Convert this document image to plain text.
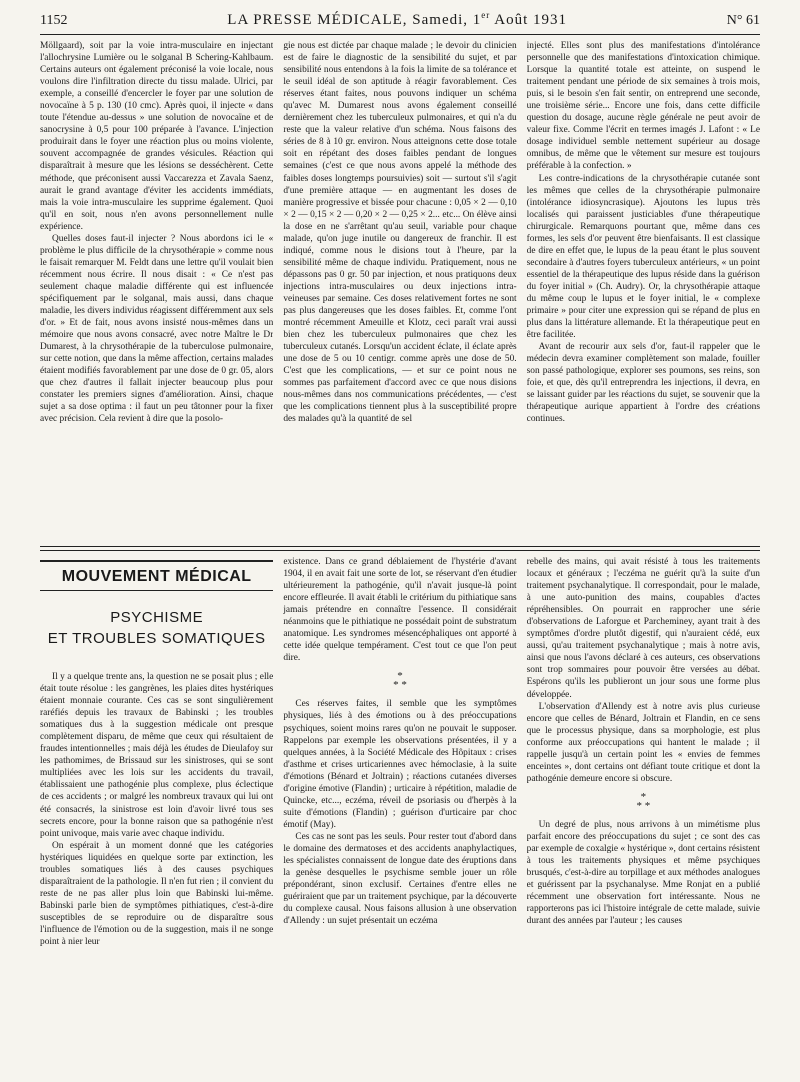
1152	LA PRESSE MÉDICALE, Samedi, 1er Août 1931	N° 61

Möllgaard), soit par la voie intra-musculaire en injectant l'allochrysine Lumière ou le solganal B Schering-Kahlbaum. Certains auteurs ont également préconisé la voie locale, nous voulons dire l'infiltration directe du tissu malade. Ulrici, par exemple, a conseillé d'encercler le foyer par une solution de novocaïne à 5 p. 130 (10 cmc). Après quoi, il injecte « dans toute l'étendue au-dessus » une solution de novocaïne et de sanocrysine à 0,5 pour 100 préparée à l'avance. L'injection produirait dans le foyer une réaction plus ou moins violente, souvent accompagnée de grandes vésicules. Réaction qui disparaîtrait à mesure que les lésions se desséchèrent. Cette méthode, que préconisent aussi Vaccarezza et Zavala Saenz, aurait le grand avantage d'éviter les accidents immédiats, mais la voie intra-musculaire les supprime également. Quoi qu'il en soit, nous n'en avons personnellement nulle expérience.

Quelles doses faut-il injecter ? Nous abordons ici le « problème le plus difficile de la chrysothérapie » comme nous le faisait remarquer M. Feldt dans une lettre qu'il voulait bien récemment nous écrire. Il nous disait : « Ce n'est pas seulement chaque maladie différente qui est influencée spécifiquement par le solganal, mais aussi, dans chaque maladie, les divers individus réagissent différemment aux sels d'or. » Et de fait, nous avons insisté nous-mêmes dans un mémoire que nous avons consacré, avec notre Maître le Dr Dumarest, à la chrysothérapie de la tuberculose pulmonaire, sur cette notion, que dans la même affection, certains malades étaient modifiés favorablement par une dose de 0 gr. 05, alors que chez d'autres il fallait injecter beaucoup plus pour constater les premiers signes d'amélioration. Ainsi, chaque sujet a sa dose optima : il faut un peu tâtonner pour la fixer avec précision. Cela revient à dire que la posolo-

gie nous est dictée par chaque malade ; le devoir du clinicien est de faire le diagnostic de la sensibilité du sujet, et par sensibilité nous entendons à la fois la limite de sa tolérance et le seuil idéal de son aptitude à réagir favorablement. Ces réserves étant faites, nous pouvons indiquer un schéma qu'avec M. Dumarest nous avons également conseillé dernièrement chez les tuberculeux pulmonaires, et qui n'a du reste que la valeur relative d'un schéma. Nous faisons des séries de 8 à 10 gr. environ. Nous atteignons cette dose totale soit en répétant des doses faibles pendant de longues semaines (c'est ce que nous avons appelé la méthode des faibles doses longtemps poursuivies) soit — surtout s'il s'agit d'une première attaque — en augmentant les doses de manière progressive et bissée pour chacune : 0,05 × 2 — 0,10 × 2 — 0,15 × 2 — 0,20 × 2 — 0,25 × 2... etc... On élève ainsi la dose en ne s'arrêtant qu'au seuil, variable pour chaque malade, qu'on juge inutile ou dangereux de franchir. Il est indiqué, comme nous le disions tout à l'heure, par la sensibilité même de chaque individu. Pratiquement, nous ne dépassons pas 0 gr. 50 par injection, et nous pratiquons deux injections intra-musculaires ou deux injections intra-veineuses par semaine. Ces doses relativement fortes ne sont pas plus dangereuses que les doses faibles. Et, comme l'ont montré récemment Ameuille et Klotz, ceci paraît vrai aussi bien chez les tuberculeux pulmonaires que chez les tuberculeux cutanés. Lorsqu'un accident éclate, il éclate après une dose de 5 ou 10 centigr. comme après une dose de 50. C'est que les complications, — et sur ce point nous ne sommes pas parfaitement d'accord avec ce que nous disions nous-mêmes dans nos communications précédentes, — c'est que les complications tiennent plus à la susceptibilité propre des malades qu'à la quantité de sel

injecté. Elles sont plus des manifestations d'intolérance personnelle que des manifestations d'intoxication chimique. Lorsque la quantité totale est atteinte, on suspend le traitement pendant une période de six semaines à trois mois, puis, si le besoin s'en fait sentir, on entreprend une seconde, une troisième série... Encore une fois, dans cette difficile question du dosage, aucune règle générale ne peut avoir de valeur fixe. Comme l'écrit en termes imagés J. Lafont : « Le dosage individuel semble nettement supérieur au dosage omnibus, de même que le vêtement sur mesure est toujours préférable à la confection. »

Les contre-indications de la chrysothérapie cutanée sont les mêmes que celles de la chrysothérapie pulmonaire (intolérance idiosyncrasique). Ajoutons les lupus très localisés qui paraissent justiciables d'une thérapeutique chirurgicale. Remarquons pourtant que, même dans ces formes, les sels d'or peuvent être bienfaisants. Il est classique de dire en effet que, le lupus de la peau étant le plus souvent secondaire à d'autres foyers tuberculeux antérieurs, « un point essentiel de la thérapeutique des lupus réside dans la guérison du foyer initial » (Ch. Audry). Or, la chrysothérapie attaque du même coup le lupus et le foyer initial, le « complexe primaire » pour citer une expression qui se répand de plus en plus dans la littérature allemande. Et la thérapeutique peut en être facilitée.

Avant de recourir aux sels d'or, faut-il rappeler que le médecin devra examiner complètement son malade, fouiller son passé pathologique, explorer ses poumons, ses reins, son foie, et que, dès qu'il entreprendra les injections, il devra, en se laissant guider par les réactions du sujet, se souvenir que la thérapeutique aurique appartient à l'ordre des créations continues.

MOUVEMENT MÉDICAL
PSYCHISME
ET TROUBLES SOMATIQUES

Il y a quelque trente ans, la question ne se posait plus ; elle était toute résolue : les gangrènes, les plaies dites hystériques étaient monnaie courante. Ces cas se sont singulièrement raréfiés depuis les travaux de Babinski ; les troubles somatiques dus à la suggestion médicale ont presque complètement disparu, de même que ceux qui résultaient de fraudes intentionnelles ; mais déjà les études de Dieulafoy sur les pathomimes, de Brissaud sur les sinistroses, qui se sont multipliées avec les lois sur les accidents du travail, établissaient une pathogénie plus complexe, plus éclectique de ces accidents ; or malgré les nombreux travaux qui lui ont été consacrés, la sinistrose est loin d'avoir livré tous ses secrets encore, pour la bonne raison que sa pathogénie n'est point univoque, mais varie avec chaque individu.

On espérait à un moment donné que les catégories hystériques liquidées en quelque sorte par extinction, les troubles somatiques liés à des causes psychiques disparaîtraient de la pathologie. Il n'en fut rien ; il convient du reste de ne pas aller plus loin que Babinski lui-même. Babinski parle bien de symptômes pithiatiques, c'est-à-dire susceptibles de se reproduire ou de disparaître sous l'influence de l'émotion ou de la suggestion, mais il ne songe point à nier leur

existence. Dans ce grand déblaiement de l'hystérie d'avant 1904, il en avait fait une sorte de lot, se réservant d'en étudier ultérieurement la pathogénie, qu'il n'avait jusque-là point encore effleurée. Il avait établi le critérium du pithiatique sans jamais prétendre en connaître l'essence. Il considérait néanmoins que le pithiatique ne possédait point de substratum anatomique. Les syndromes mésencéphaliques ont apporté à cette idée quelque tempérament. C'est tout ce que l'on peut dire.

*
* *

Ces réserves faites, il semble que les symptômes physiques, liés à des émotions ou à des préoccupations psychiques, soient moins rares qu'on ne pouvait le supposer. Rappelons par exemple les observations présentées, il y a quelques années, à la Société Médicale des Hôpitaux : crises d'asthme et crises urticariennes avec hémoclasie, à la suite d'émotions (Bénard et Joltrain) ; réactions cutanées diverses d'origine émotive (Flandin) ; urticaire à répétition, maladie de Quincke, etc..., eczéma, réveil de psoriasis ou d'herpès à la suite d'émotions (Flandin) ; guérison d'urticaire par choc émotif (May).

Ces cas ne sont pas les seuls. Pour rester tout d'abord dans le domaine des dermatoses et des accidents anaphylactiques, les spécialistes connaissent de longue date des éruptions dans la genèse desquelles le psychisme semble jouer un rôle prépondérant, sinon exclusif. Certaines d'entre elles ne guériraient que par un traitement psychique, par la découverte du complexe causal. Nous faisons allusion à une observation d'Allendy : un sujet présentait un eczéma

rebelle des mains, qui avait résisté à tous les traitements locaux et généraux ; l'eczéma ne guérit qu'à la suite d'un traitement psychanalytique. Il correspondait, pour le malade, à une auto-punition des mains, coupables d'actes répréhensibles. On pourrait en rapprocher une série d'observations de Laforgue et Parcheminey, ayant trait à des symptômes d'ordre plutôt digestif, qui n'auraient cédé, eux aussi, qu'au traitement psychanalytique ; mais à notre avis, ainsi que nous l'avons déclaré à ces auteurs, ces observations sont trop sommaires pour pouvoir être versées au débat. Espérons qu'ils les publieront un jour sous une forme plus développée.

L'observation d'Allendy est à notre avis plus curieuse encore que celles de Bénard, Joltrain et Flandin, en ce sens que le processus physique, dans sa morphologie, est plus conforme aux préoccupations qui hantent le malade ; il rappelle jusqu'à un certain point les « envies de femmes enceintes », dont certains ont défiant toute critique et dont la pathogénie demeure encore si obscure.

*
* *

Un degré de plus, nous arrivons à un mimétisme plus parfait encore des préoccupations du sujet ; ce sont des cas par exemple de coxalgie « hystérique », dont certains résistent à tous les traitements physiques et même psychiques brusqués, c'est-à-dire au torpillage et aux méthodes analogues et guérissent par la psychanalyse. Mme Ronjat en a publié récemment une observation fort intéressante. Nous ne rapporterons pas ici l'histoire intégrale de cette malade, suivie durant des années par l'auteur ; les causes
